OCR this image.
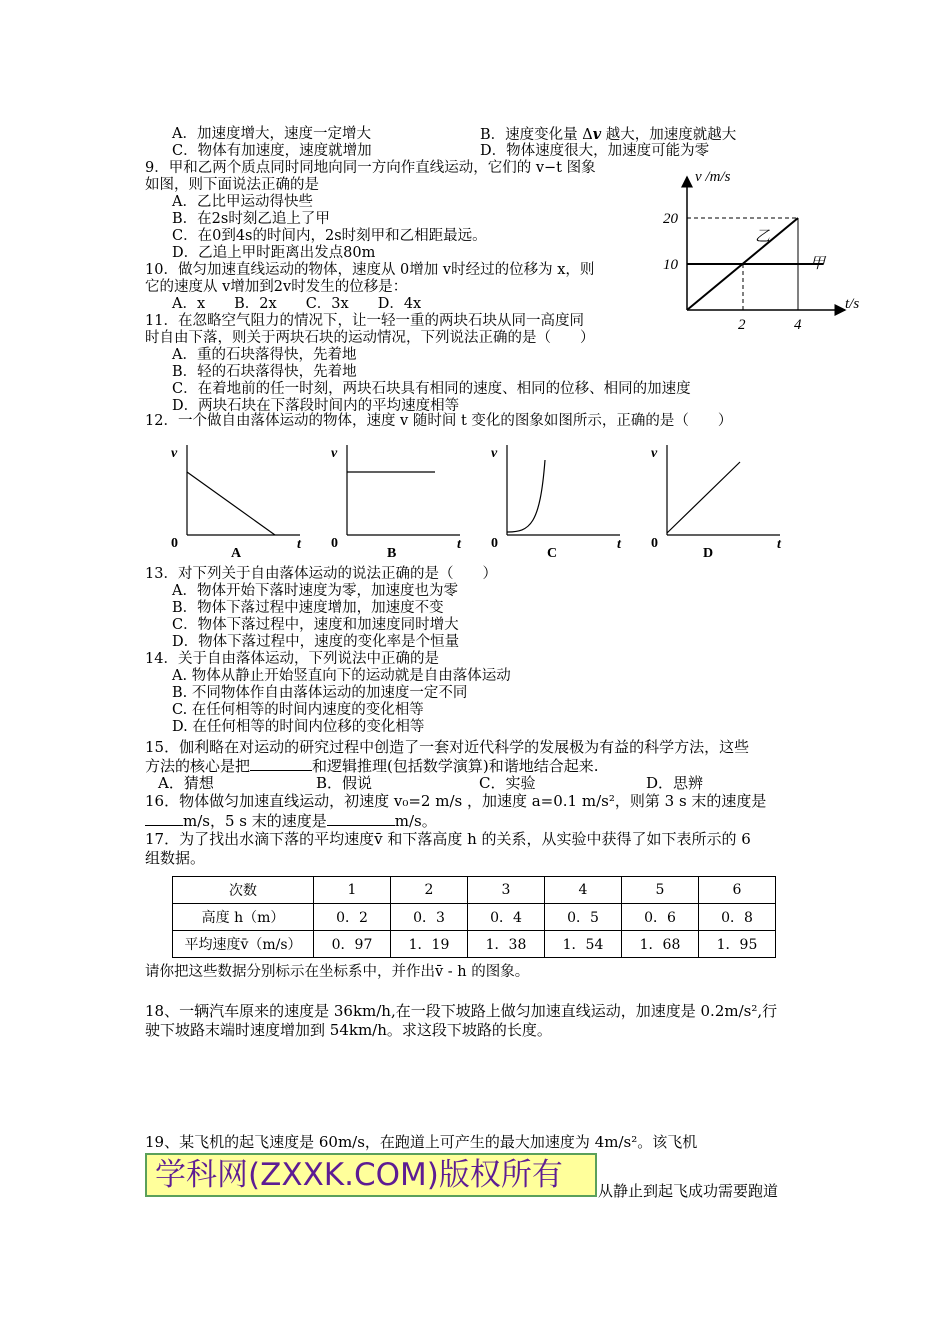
A．加速度增大，速度一定增大	B．速度变化量 Δv 越大，加速度就越大
C．物体有加速度，速度就增加	D．物体速度很大，加速度可能为零
9．甲和乙两个质点同时同地向同一方向作直线运动，它们的 v−t 图象
如图，则下面说法正确的是
A．乙比甲运动得快些
B．在2s时刻乙追上了甲
C．在0到4s的时间内，2s时刻甲和乙相距最远。
D．乙追上甲时距离出发点80m
v /m/s
t/s
20
10
2	4
乙
甲
10．做匀加速直线运动的物体，速度从 0增加 v时经过的位移为 x，则
它的速度从 v增加到2v时发生的位移是：
A．x　　B．2x　　C．3x　　D．4x
11．在忽略空气阻力的情况下，让一轻一重的两块石块从同一高度同
时自由下落，则关于两块石块的运动情况，下列说法正确的是（　　）
A．重的石块落得快，先着地
B．轻的石块落得快，先着地
C．在着地前的任一时刻，两块石块具有相同的速度、相同的位移、相同的加速度
D．两块石块在下落段时间内的平均速度相等
12．一个做自由落体运动的物体，速度 v 随时间 t 变化的图象如图所示，正确的是（　　）
v
t
0
A
v
t
0
B
v
t
0
C
v
t
0
D
13．对下列关于自由落体运动的说法正确的是（　　）
A．物体开始下落时速度为零，加速度也为零
B．物体下落过程中速度增加，加速度不变
C．物体下落过程中，速度和加速度同时增大
D．物体下落过程中，速度的变化率是个恒量
14．关于自由落体运动，下列说法中正确的是
A. 物体从静止开始竖直向下的运动就是自由落体运动
B. 不同物体作自由落体运动的加速度一定不同
C. 在任何相等的时间内速度的变化相等
D. 在任何相等的时间内位移的变化相等
15．伽利略在对运动的研究过程中创造了一套对近代科学的发展极为有益的科学方法，这些
方法的核心是把	和逻辑推理(包括数学演算)和谐地结合起来.
A．猜想	B．假说	C．实验	D．思辨
16．物体做匀加速直线运动，初速度 v₀=2 m/s ，加速度 a=0.1 m/s²，则第 3 s 末的速度是
m/s，5 s 末的速度是	m/s。
17．为了找出水滴下落的平均速度v̄ 和下落高度 h 的关系，从实验中获得了如下表所示的 6
组数据。
次数	1	2	3	4	5	6
高度 h（m）	0．2	0．3	0．4	0．5	0．6	0．8
平均速度v̄（m/s）	0．97	1．19	1．38	1．54	1．68	1．95
请你把这些数据分别标示在坐标系中，并作出v̄ - h 的图象。
18、一辆汽车原来的速度是 36km/h,在一段下坡路上做匀加速直线运动，加速度是 0.2m/s²,行
驶下坡路末端时速度增加到 54km/h。求这段下坡路的长度。
19、某飞机的起飞速度是 60m/s，在跑道上可产生的最大加速度为 4m/s²。该飞机
学科网(ZXXK.COM)版权所有	从静止到起飞成功需要跑道
